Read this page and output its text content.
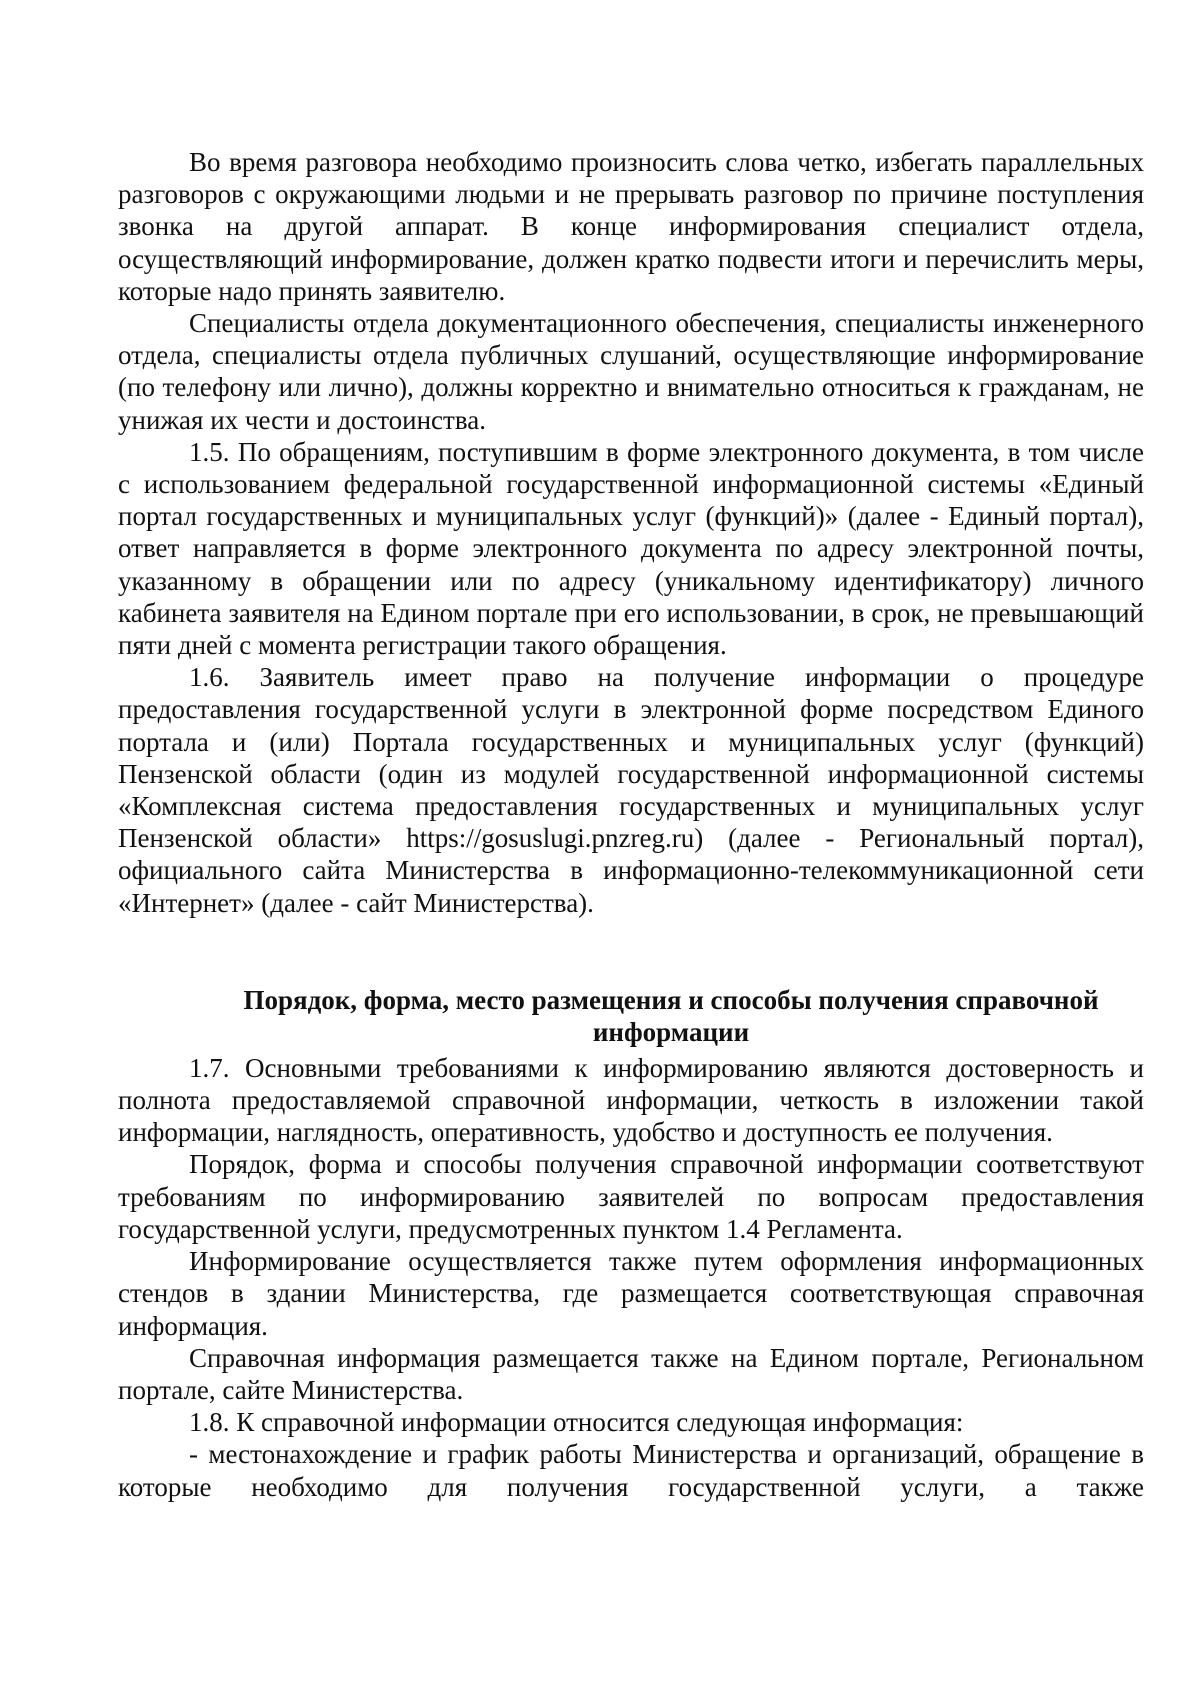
Во время разговора необходимо произносить слова четко, избегать параллельных разговоров с окружающими людьми и не прерывать разговор по причине поступления звонка на другой аппарат. В конце информирования специалист отдела, осуществляющий информирование, должен кратко подвести итоги и перечислить меры, которые надо принять заявителю.

Специалисты отдела документационного обеспечения, специалисты инженерного отдела, специалисты отдела публичных слушаний, осуществляющие информирование (по телефону или лично), должны корректно и внимательно относиться к гражданам, не унижая их чести и достоинства.

1.5. По обращениям, поступившим в форме электронного документа, в том числе с использованием федеральной государственной информационной системы «Единый портал государственных и муниципальных услуг (функций)» (далее - Единый портал), ответ направляется в форме электронного документа по адресу электронной почты, указанному в обращении или по адресу (уникальному идентификатору) личного кабинета заявителя на Едином портале при его использовании, в срок, не превышающий пяти дней с момента регистрации такого обращения.

1.6. Заявитель имеет право на получение информации о процедуре предоставления государственной услуги в электронной форме посредством Единого портала и (или) Портала государственных и муниципальных услуг (функций) Пензенской области (один из модулей государственной информационной системы «Комплексная система предоставления государственных и муниципальных услуг Пензенской области» https://gosuslugi.pnzreg.ru) (далее - Региональный портал), официального сайта Министерства в информационно-телекоммуникационной сети «Интернет» (далее - сайт Министерства).

Порядок, форма, место размещения и способы получения справочной информации

1.7. Основными требованиями к информированию являются достоверность и полнота предоставляемой справочной информации, четкость в изложении такой информации, наглядность, оперативность, удобство и доступность ее получения.

Порядок, форма и способы получения справочной информации соответствуют требованиям по информированию заявителей по вопросам предоставления государственной услуги, предусмотренных пунктом 1.4 Регламента.

Информирование осуществляется также путем оформления информационных стендов в здании Министерства, где размещается соответствующая справочная информация.

Справочная информация размещается также на Едином портале, Региональном портале, сайте Министерства.

1.8. К справочной информации относится следующая информация:

- местонахождение и график работы Министерства и организаций, обращение в которые необходимо для получения государственной услуги, а также
